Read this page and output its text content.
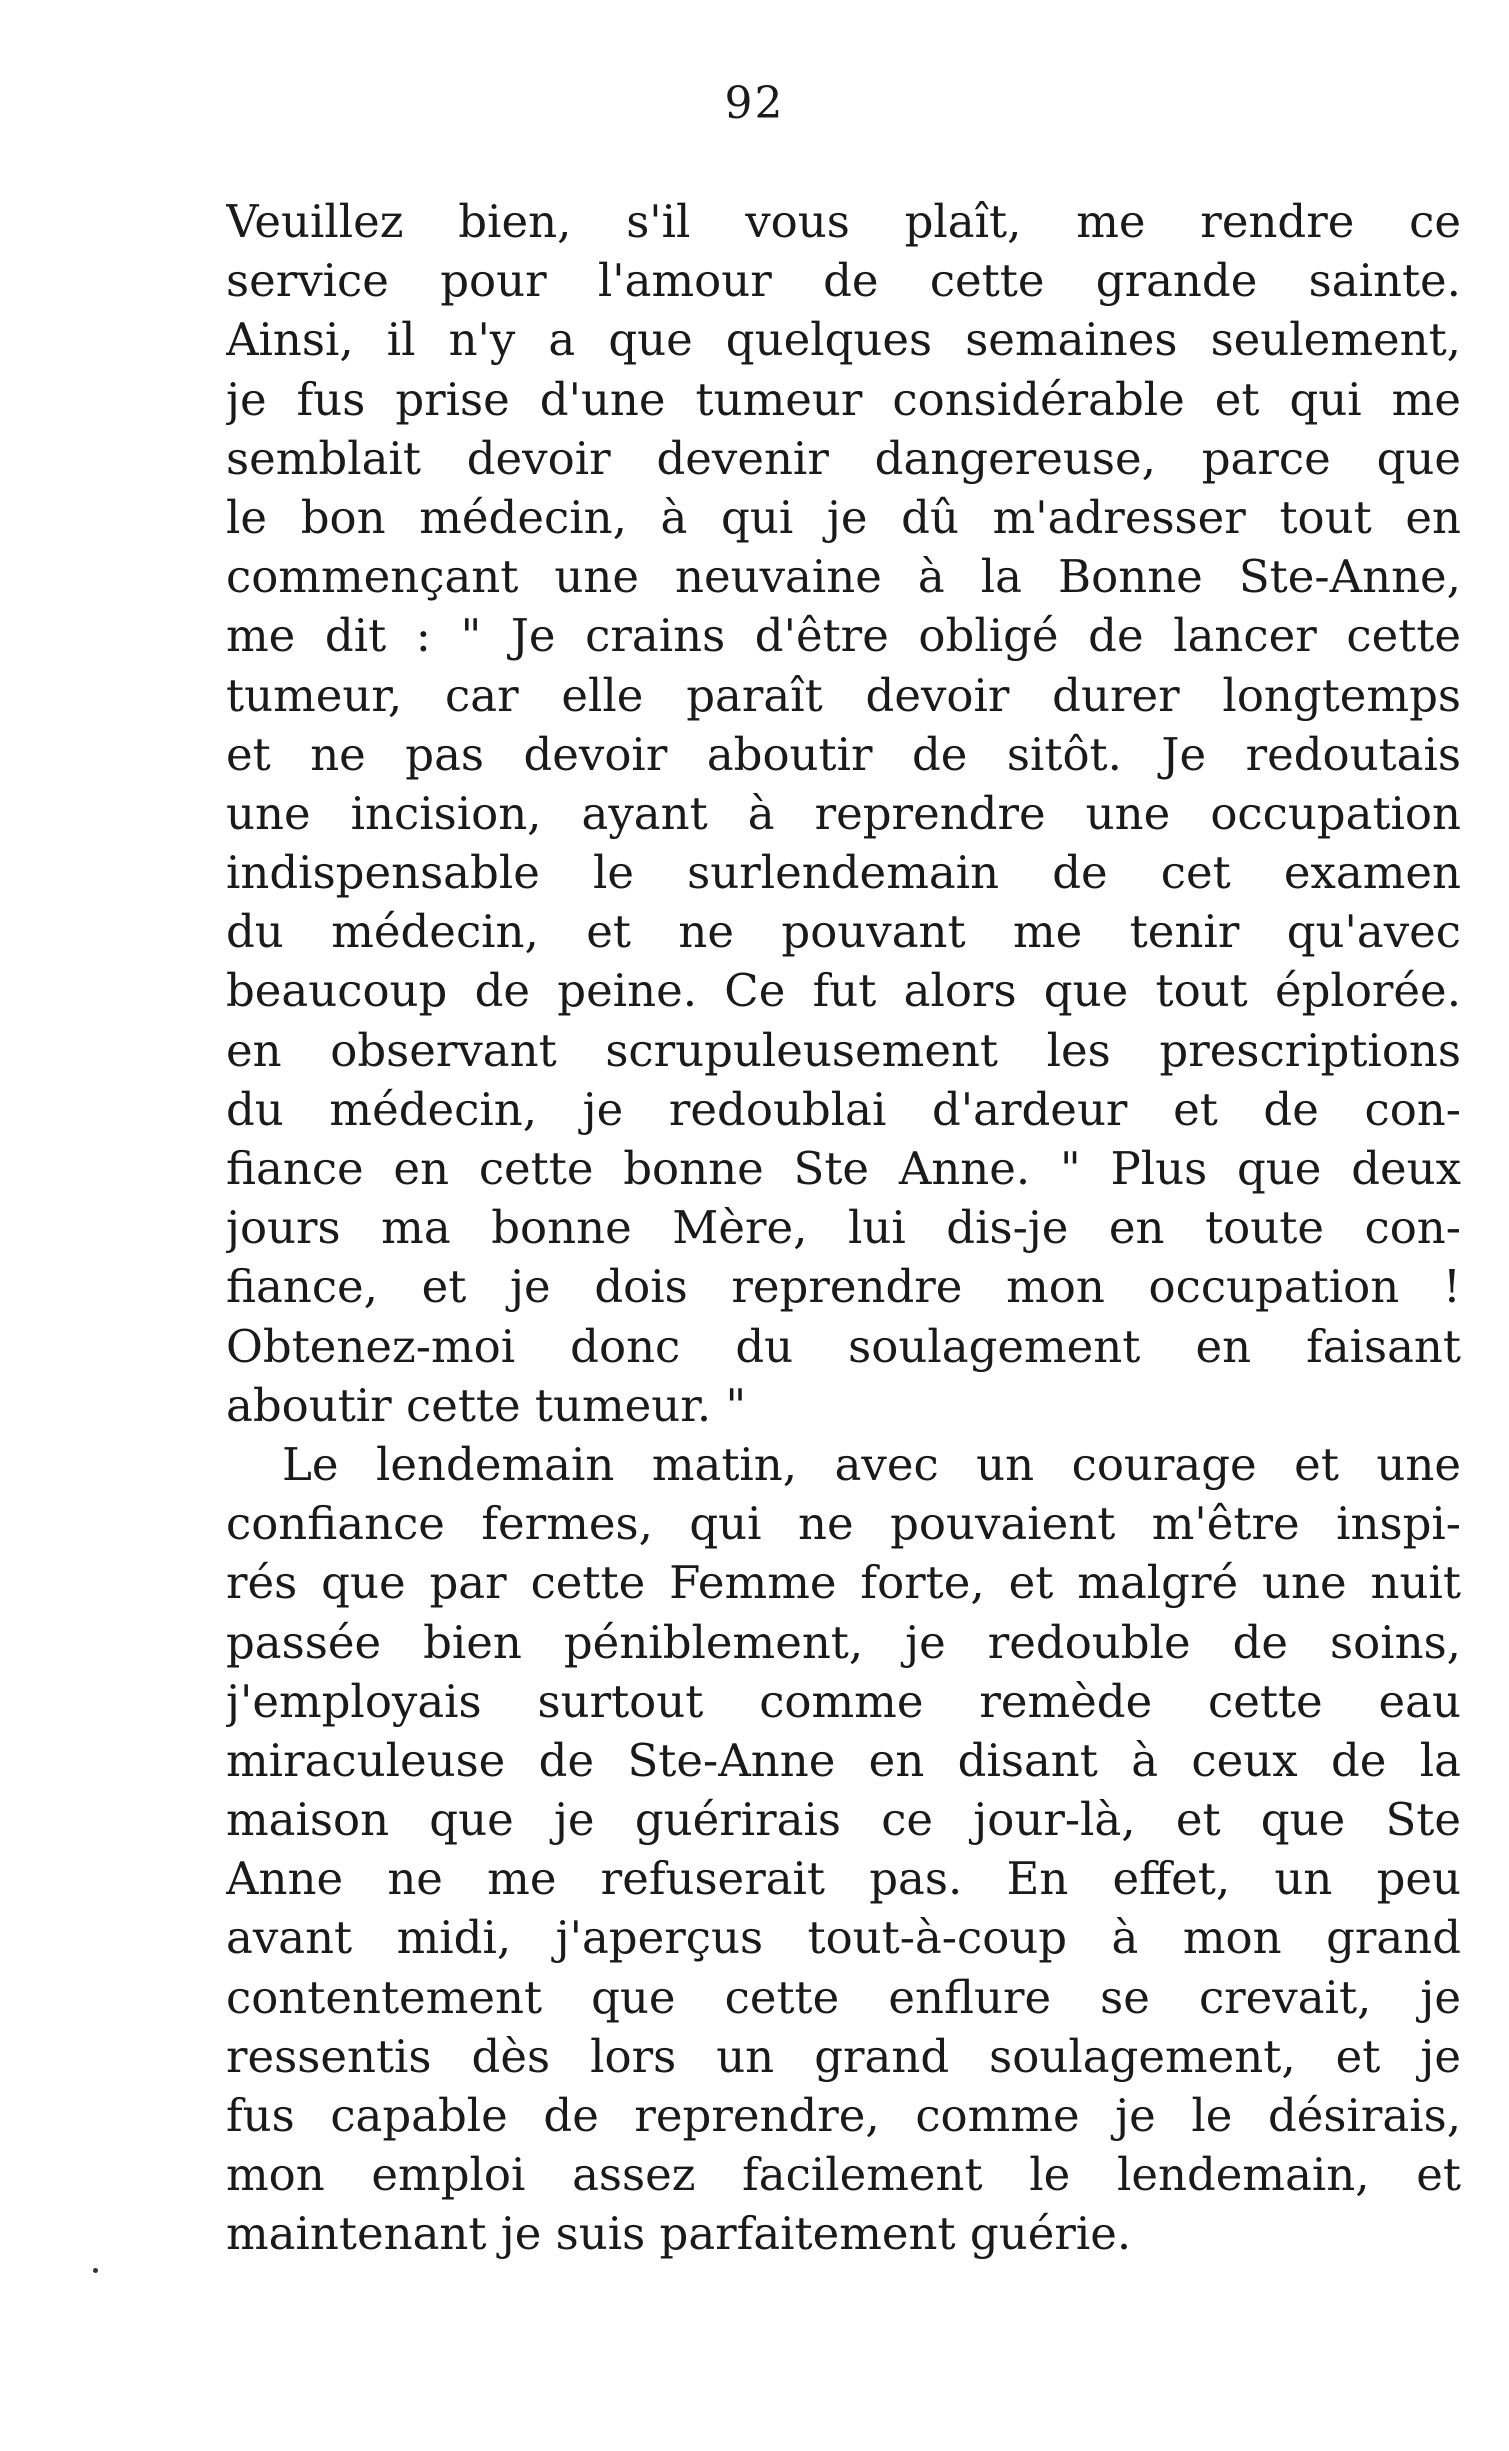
92
Veuillez bien, s'il vous plaît, me rendre ce
service pour l'amour de cette grande sainte.
Ainsi, il n'y a que quelques semaines seulement,
je fus prise d'une tumeur considérable et qui me
semblait devoir devenir dangereuse, parce que
le bon médecin, à qui je dû m'adresser tout en
commençant une neuvaine à la Bonne Ste-Anne,
me dit : " Je crains d'être obligé de lancer cette
tumeur, car elle paraît devoir durer longtemps
et ne pas devoir aboutir de sitôt. Je redoutais
une incision, ayant à reprendre une occupation
indispensable le surlendemain de cet examen
du médecin, et ne pouvant me tenir qu'avec
beaucoup de peine. Ce fut alors que tout éplorée.
en observant scrupuleusement les prescriptions
du médecin, je redoublai d'ardeur et de con-
fiance en cette bonne Ste Anne. " Plus que deux
jours ma bonne Mère, lui dis-je en toute con-
fiance, et je dois reprendre mon occupation !
Obtenez-moi donc du soulagement en faisant
aboutir cette tumeur. "
Le lendemain matin, avec un courage et une
confiance fermes, qui ne pouvaient m'être inspi-
rés que par cette Femme forte, et malgré une nuit
passée bien péniblement, je redouble de soins,
j'employais surtout comme remède cette eau
miraculeuse de Ste-Anne en disant à ceux de la
maison que je guérirais ce jour-là, et que Ste
Anne ne me refuserait pas. En effet, un peu
avant midi, j'aperçus tout-à-coup à mon grand
contentement que cette enflure se crevait, je
ressentis dès lors un grand soulagement, et je
fus capable de reprendre, comme je le désirais,
mon emploi assez facilement le lendemain, et
maintenant je suis parfaitement guérie.
